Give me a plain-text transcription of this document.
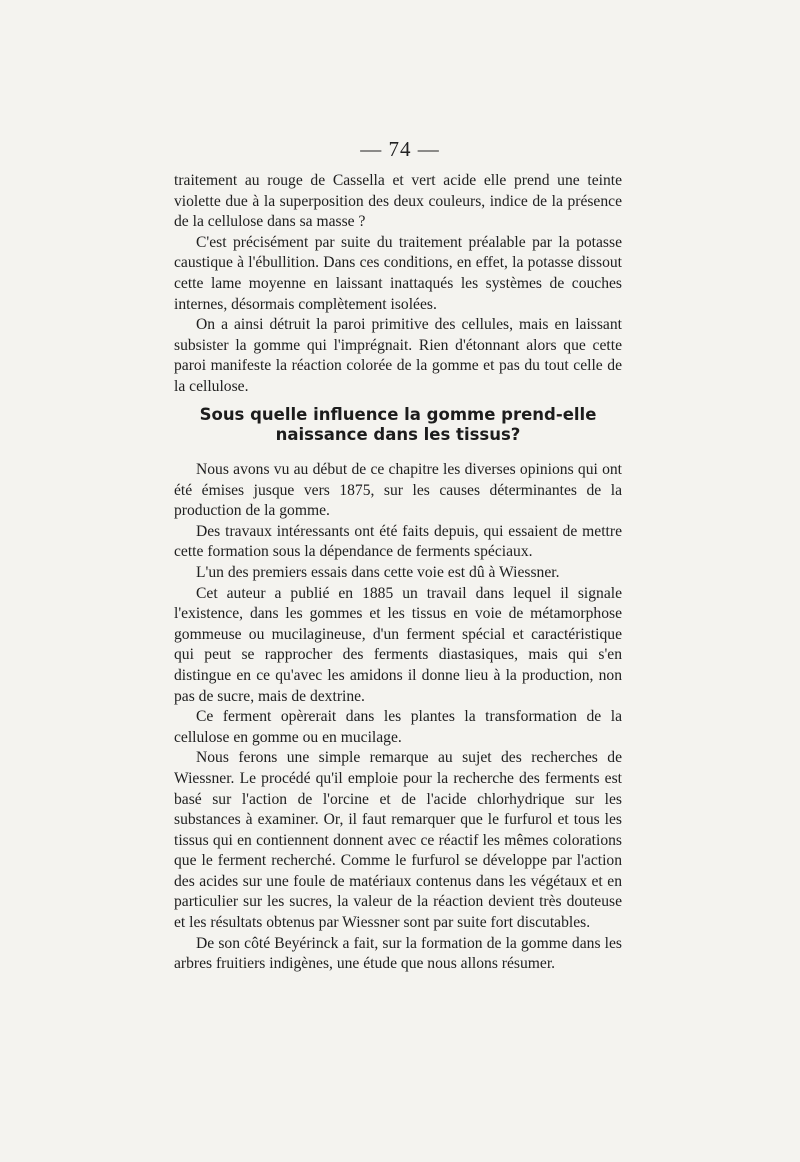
— 74 —

traitement au rouge de Cassella et vert acide elle prend une teinte violette due à la superposition des deux couleurs, indice de la présence de la cellulose dans sa masse ?

C'est précisément par suite du traitement préalable par la potasse caustique à l'ébullition. Dans ces conditions, en effet, la potasse dissout cette lame moyenne en laissant inattaqués les systèmes de couches internes, désormais complètement isolées.

On a ainsi détruit la paroi primitive des cellules, mais en laissant subsister la gomme qui l'imprégnait. Rien d'étonnant alors que cette paroi manifeste la réaction colorée de la gomme et pas du tout celle de la cellulose.

Sous quelle influence la gomme prend-elle
naissance dans les tissus?

Nous avons vu au début de ce chapitre les diverses opinions qui ont été émises jusque vers 1875, sur les causes déterminantes de la production de la gomme.

Des travaux intéressants ont été faits depuis, qui essaient de mettre cette formation sous la dépendance de ferments spéciaux.

L'un des premiers essais dans cette voie est dû à Wiessner.

Cet auteur a publié en 1885 un travail dans lequel il signale l'existence, dans les gommes et les tissus en voie de métamorphose gommeuse ou mucilagineuse, d'un ferment spécial et caractéristique qui peut se rapprocher des ferments diastasiques, mais qui s'en distingue en ce qu'avec les amidons il donne lieu à la production, non pas de sucre, mais de dextrine.

Ce ferment opèrerait dans les plantes la transformation de la cellulose en gomme ou en mucilage.

Nous ferons une simple remarque au sujet des recherches de Wiessner. Le procédé qu'il emploie pour la recherche des ferments est basé sur l'action de l'orcine et de l'acide chlorhydrique sur les substances à examiner. Or, il faut remarquer que le furfurol et tous les tissus qui en contiennent donnent avec ce réactif les mêmes colorations que le ferment recherché. Comme le furfurol se développe par l'action des acides sur une foule de matériaux contenus dans les végétaux et en particulier sur les sucres, la valeur de la réaction devient très douteuse et les résultats obtenus par Wiessner sont par suite fort discutables.

De son côté Beyérinck a fait, sur la formation de la gomme dans les arbres fruitiers indigènes, une étude que nous allons résumer.
